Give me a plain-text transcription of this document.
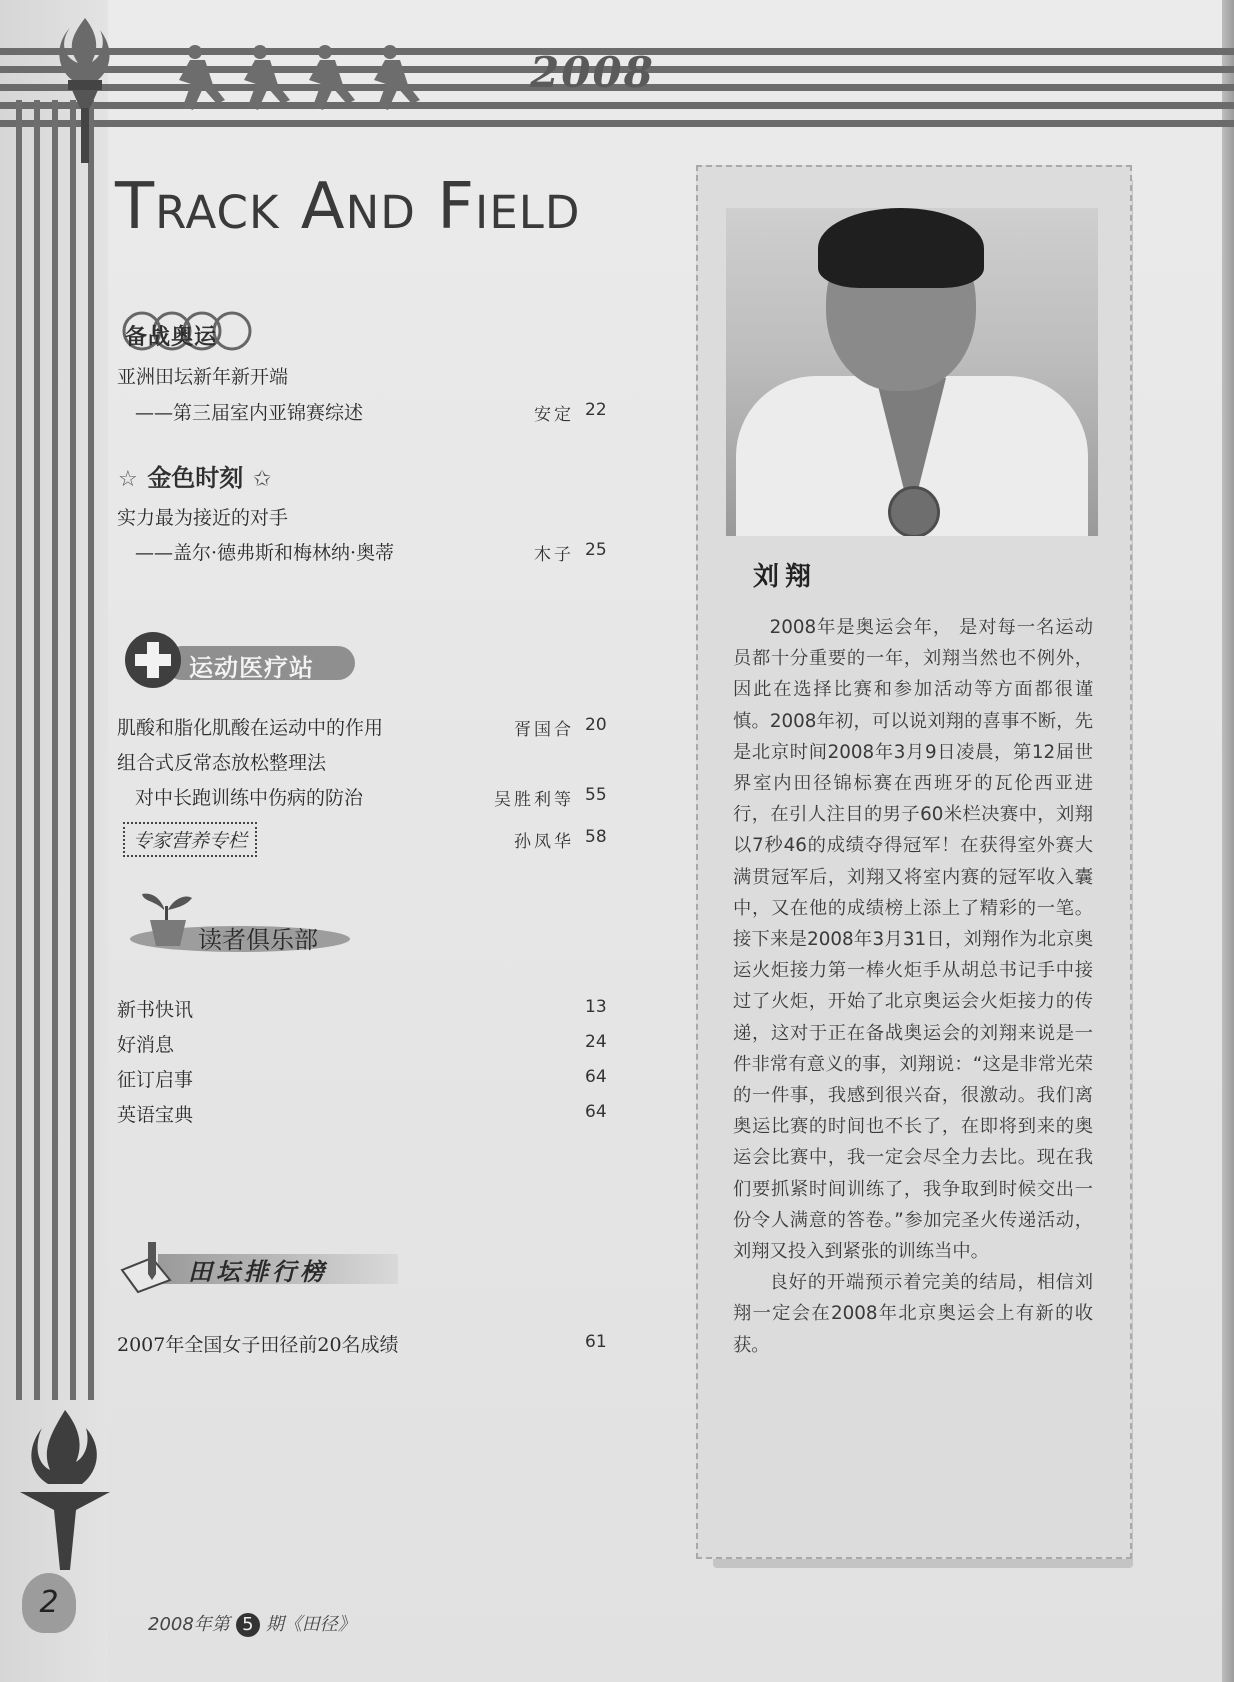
2008
Track And Field
备战奥运
亚洲田坛新年新开端
——第三届室内亚锦赛综述	安定 22
☆ 金色时刻 ✩
实力最为接近的对手
——盖尔·德弗斯和梅林纳·奥蒂	木子 25
运动医疗站
肌酸和脂化肌酸在运动中的作用	胥国合 20
组合式反常态放松整理法
对中长跑训练中伤病的防治	吴胜利等 55
专家营养专栏	孙凤华 58
读者俱乐部
新书快讯	13
好消息	24
征订启事	64
英语宝典	64
田坛排行榜
2007年全国女子田径前20名成绩	61
刘翔

2008年是奥运会年， 是对每一名运动员都十分重要的一年，刘翔当然也不例外，因此在选择比赛和参加活动等方面都很谨慎。2008年初，可以说刘翔的喜事不断，先是北京时间2008年3月9日凌晨，第12届世界室内田径锦标赛在西班牙的瓦伦西亚进行，在引人注目的男子60米栏决赛中，刘翔以7秒46的成绩夺得冠军！在获得室外赛大满贯冠军后，刘翔又将室内赛的冠军收入囊中，又在他的成绩榜上添上了精彩的一笔。接下来是2008年3月31日，刘翔作为北京奥运火炬接力第一棒火炬手从胡总书记手中接过了火炬，开始了北京奥运会火炬接力的传递，这对于正在备战奥运会的刘翔来说是一件非常有意义的事，刘翔说：“这是非常光荣的一件事，我感到很兴奋，很激动。我们离奥运比赛的时间也不长了，在即将到来的奥运会比赛中，我一定会尽全力去比。现在我们要抓紧时间训练了，我争取到时候交出一份令人满意的答卷。”参加完圣火传递活动，刘翔又投入到紧张的训练当中。

良好的开端预示着完美的结局，相信刘翔一定会在2008年北京奥运会上有新的收获。

2
2008年第 5 期《田径》
